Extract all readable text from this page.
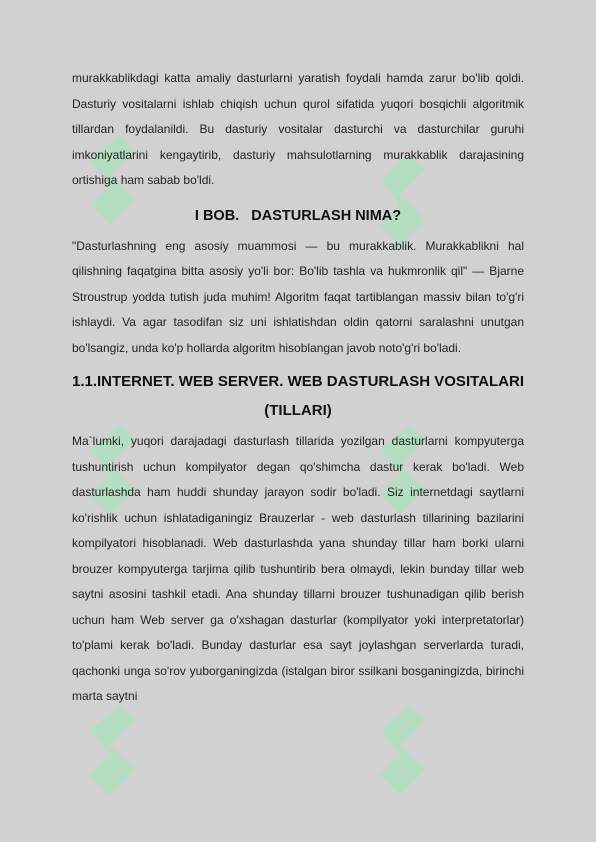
murakkablikdagi katta amaliy dasturlarni yaratish foydali hamda zarur bo'lib qoldi. Dasturiy vositalarni ishlab chiqish uchun qurol sifatida yuqori bosqichli algoritmik tillardan foydalanildi. Bu dasturiy vositalar dasturchi va dasturchilar guruhi imkoniyatlarini kengaytirib, dasturiy mahsulotlarning murakkablik darajasining ortishiga ham sabab bo'ldi.

I BOB.   DASTURLASH NIMA?

"Dasturlashning eng asosiy muammosi — bu murakkablik. Murakkablikni hal qilishning faqatgina bitta asosiy yo'li bor: Bo'lib tashla va hukmronlik qil" — Bjarne Stroustrup yodda tutish juda muhim! Algoritm faqat tartiblangan massiv bilan to'g'ri ishlaydi. Va agar tasodifan siz uni ishlatishdan oldin qatorni saralashni unutgan bo'lsangiz, unda ko'p hollarda algoritm hisoblangan javob noto'g'ri bo'ladi.

1.1.INTERNET. WEB SERVER. WEB DASTURLASH VOSITALARI
(TILLARI)

Ma`lumki, yuqori darajadagi dasturlash tillarida yozilgan dasturlarni kompyuterga tushuntirish uchun kompilyator degan qo'shimcha dastur kerak bo'ladi. Web dasturlashda ham huddi shunday jarayon sodir bo'ladi. Siz internetdagi saytlarni ko'rishlik uchun ishlatadiganingiz Brauzerlar - web dasturlash tillarining bazilarini kompilyatori hisoblanadi. Web dasturlashda yana shunday tillar ham borki ularni brouzer kompyuterga tarjima qilib tushuntirib bera olmaydi, lekin bunday tillar web saytni asosini tashkil etadi. Ana shunday tillarni brouzer tushunadigan qilib berish uchun ham Web server ga o'xshagan dasturlar (kompilyator yoki interpretatorlar) to'plami kerak bo'ladi. Bunday dasturlar esa sayt joylashgan serverlarda turadi, qachonki unga so'rov yuborganingizda (istalgan biror ssilkani bosganingizda, birinchi marta saytni
